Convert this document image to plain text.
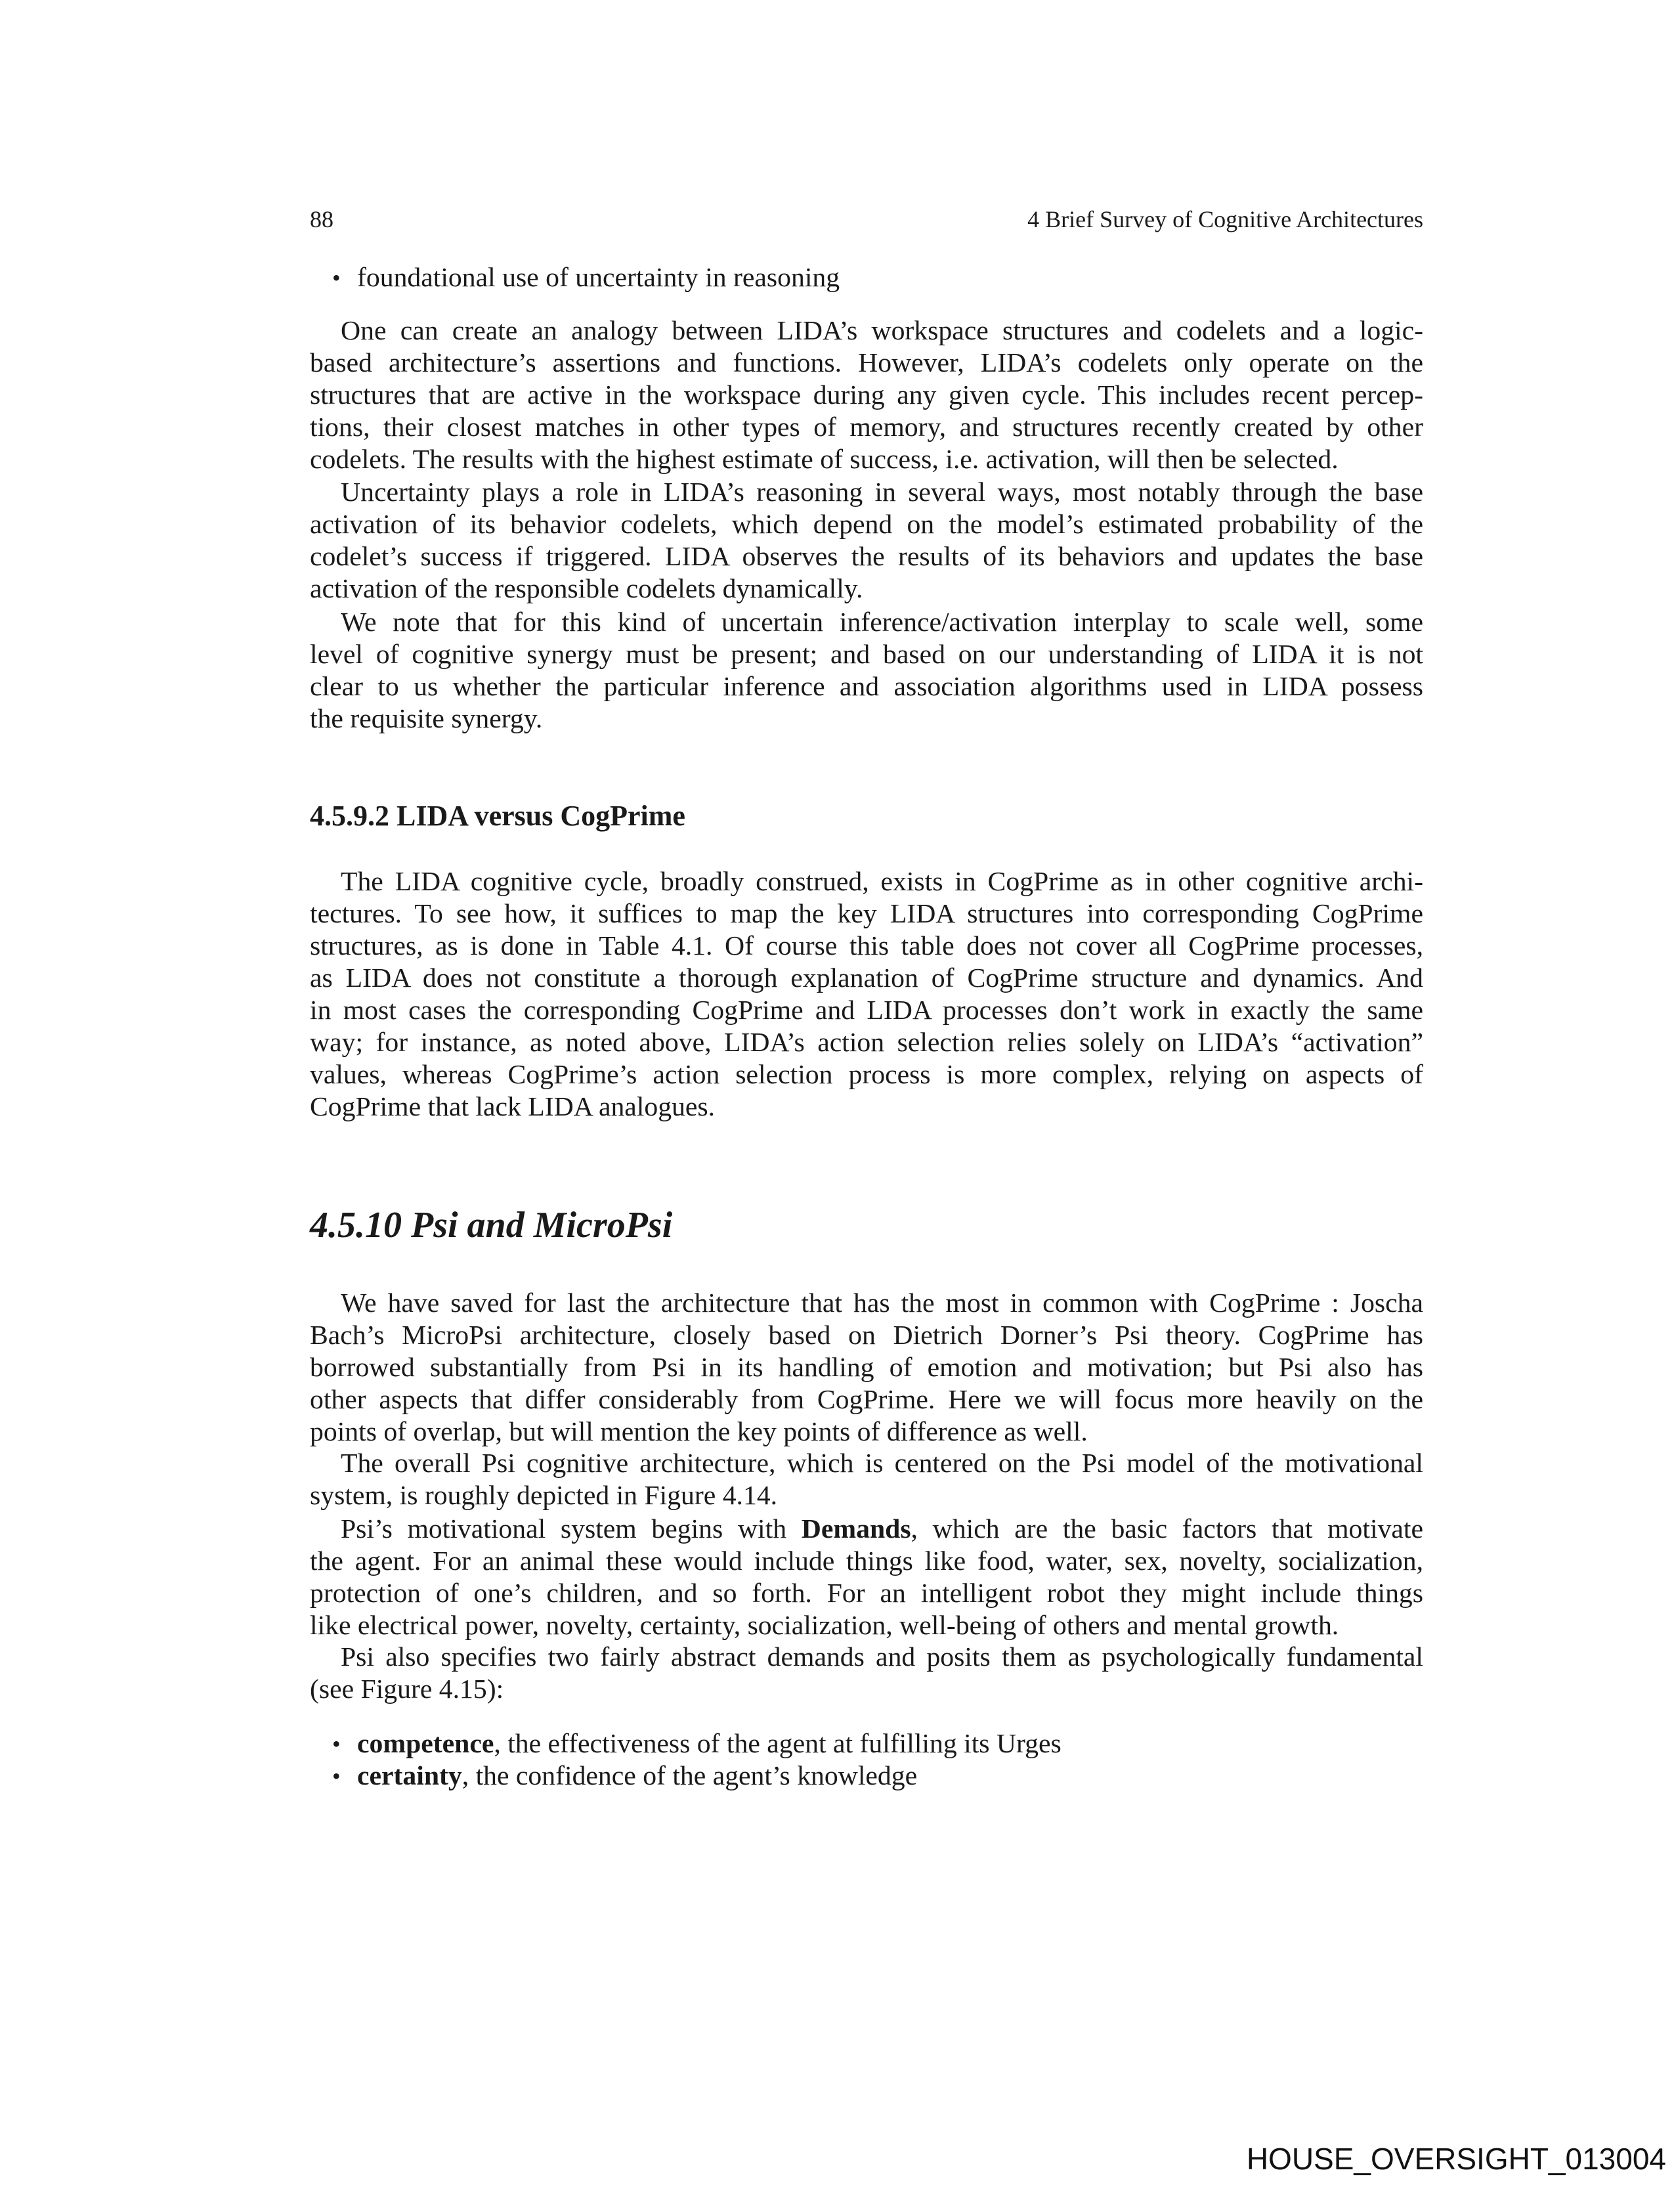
88	4 Brief Survey of Cognitive Architectures
• foundational use of uncertainty in reasoning
4.5.9.2 LIDA versus CogPrime
4.5.10 Psi and MicroPsi
One can create an analogy between LIDA’s workspace structures and codelets and a logic-
based architecture’s assertions and functions. However, LIDA’s codelets only operate on the
structures that are active in the workspace during any given cycle. This includes recent percep-
tions, their closest matches in other types of memory, and structures recently created by other
codelets. The results with the highest estimate of success, i.e. activation, will then be selected.
Uncertainty plays a role in LIDA’s reasoning in several ways, most notably through the base
activation of its behavior codelets, which depend on the model’s estimated probability of the
codelet’s success if triggered. LIDA observes the results of its behaviors and updates the base
activation of the responsible codelets dynamically.
We note that for this kind of uncertain inference/activation interplay to scale well, some
level of cognitive synergy must be present; and based on our understanding of LIDA it is not
clear to us whether the particular inference and association algorithms used in LIDA possess
the requisite synergy.
The LIDA cognitive cycle, broadly construed, exists in CogPrime as in other cognitive archi-
tectures. To see how, it suffices to map the key LIDA structures into corresponding CogPrime
structures, as is done in Table 4.1. Of course this table does not cover all CogPrime processes,
as LIDA does not constitute a thorough explanation of CogPrime structure and dynamics. And
in most cases the corresponding CogPrime and LIDA processes don’t work in exactly the same
way; for instance, as noted above, LIDA’s action selection relies solely on LIDA’s “activation”
values, whereas CogPrime’s action selection process is more complex, relying on aspects of
CogPrime that lack LIDA analogues.
We have saved for last the architecture that has the most in common with CogPrime : Joscha
Bach’s MicroPsi architecture, closely based on Dietrich Dorner’s Psi theory. CogPrime has
borrowed substantially from Psi in its handling of emotion and motivation; but Psi also has
other aspects that differ considerably from CogPrime. Here we will focus more heavily on the
points of overlap, but will mention the key points of difference as well.
The overall Psi cognitive architecture, which is centered on the Psi model of the motivational
system, is roughly depicted in Figure 4.14.
Psi’s motivational system begins with Demands, which are the basic factors that motivate
the agent. For an animal these would include things like food, water, sex, novelty, socialization,
protection of one’s children, and so forth. For an intelligent robot they might include things
like electrical power, novelty, certainty, socialization, well-being of others and mental growth.
Psi also specifies two fairly abstract demands and posits them as psychologically fundamental
(see Figure 4.15):
• competence, the effectiveness of the agent at fulfilling its Urges
• certainty, the confidence of the agent’s knowledge
HOUSE_OVERSIGHT_013004
